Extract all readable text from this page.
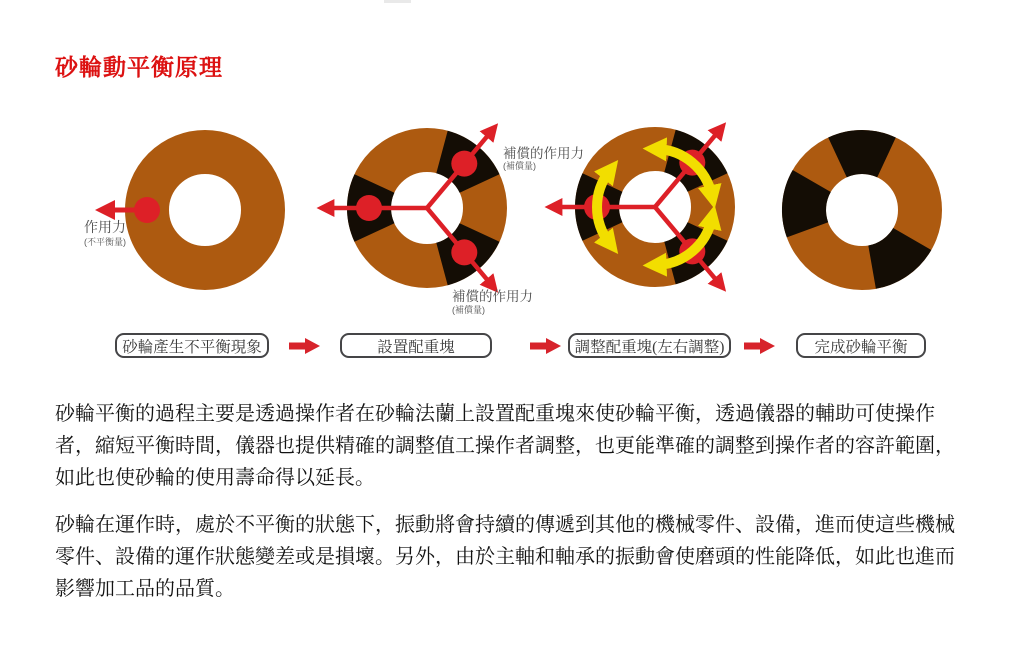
砂輪動平衡原理
作用力
(不平衡量)
補償的作用力
(補償量)
補償的作用力
(補償量)
砂輪產生不平衡現象	設置配重塊	調整配重塊(左右調整)	完成砂輪平衡
砂輪平衡的過程主要是透過操作者在砂輪法蘭上設置配重塊來使砂輪平衡，透過儀器的輔助可使操作
者，縮短平衡時間，儀器也提供精確的調整值工操作者調整，也更能準確的調整到操作者的容許範圍，
如此也使砂輪的使用壽命得以延長。
砂輪在運作時，處於不平衡的狀態下，振動將會持續的傳遞到其他的機械零件、設備，進而使這些機械
零件、設備的運作狀態變差或是損壞。另外，由於主軸和軸承的振動會使磨頭的性能降低，如此也進而
影響加工品的品質。
